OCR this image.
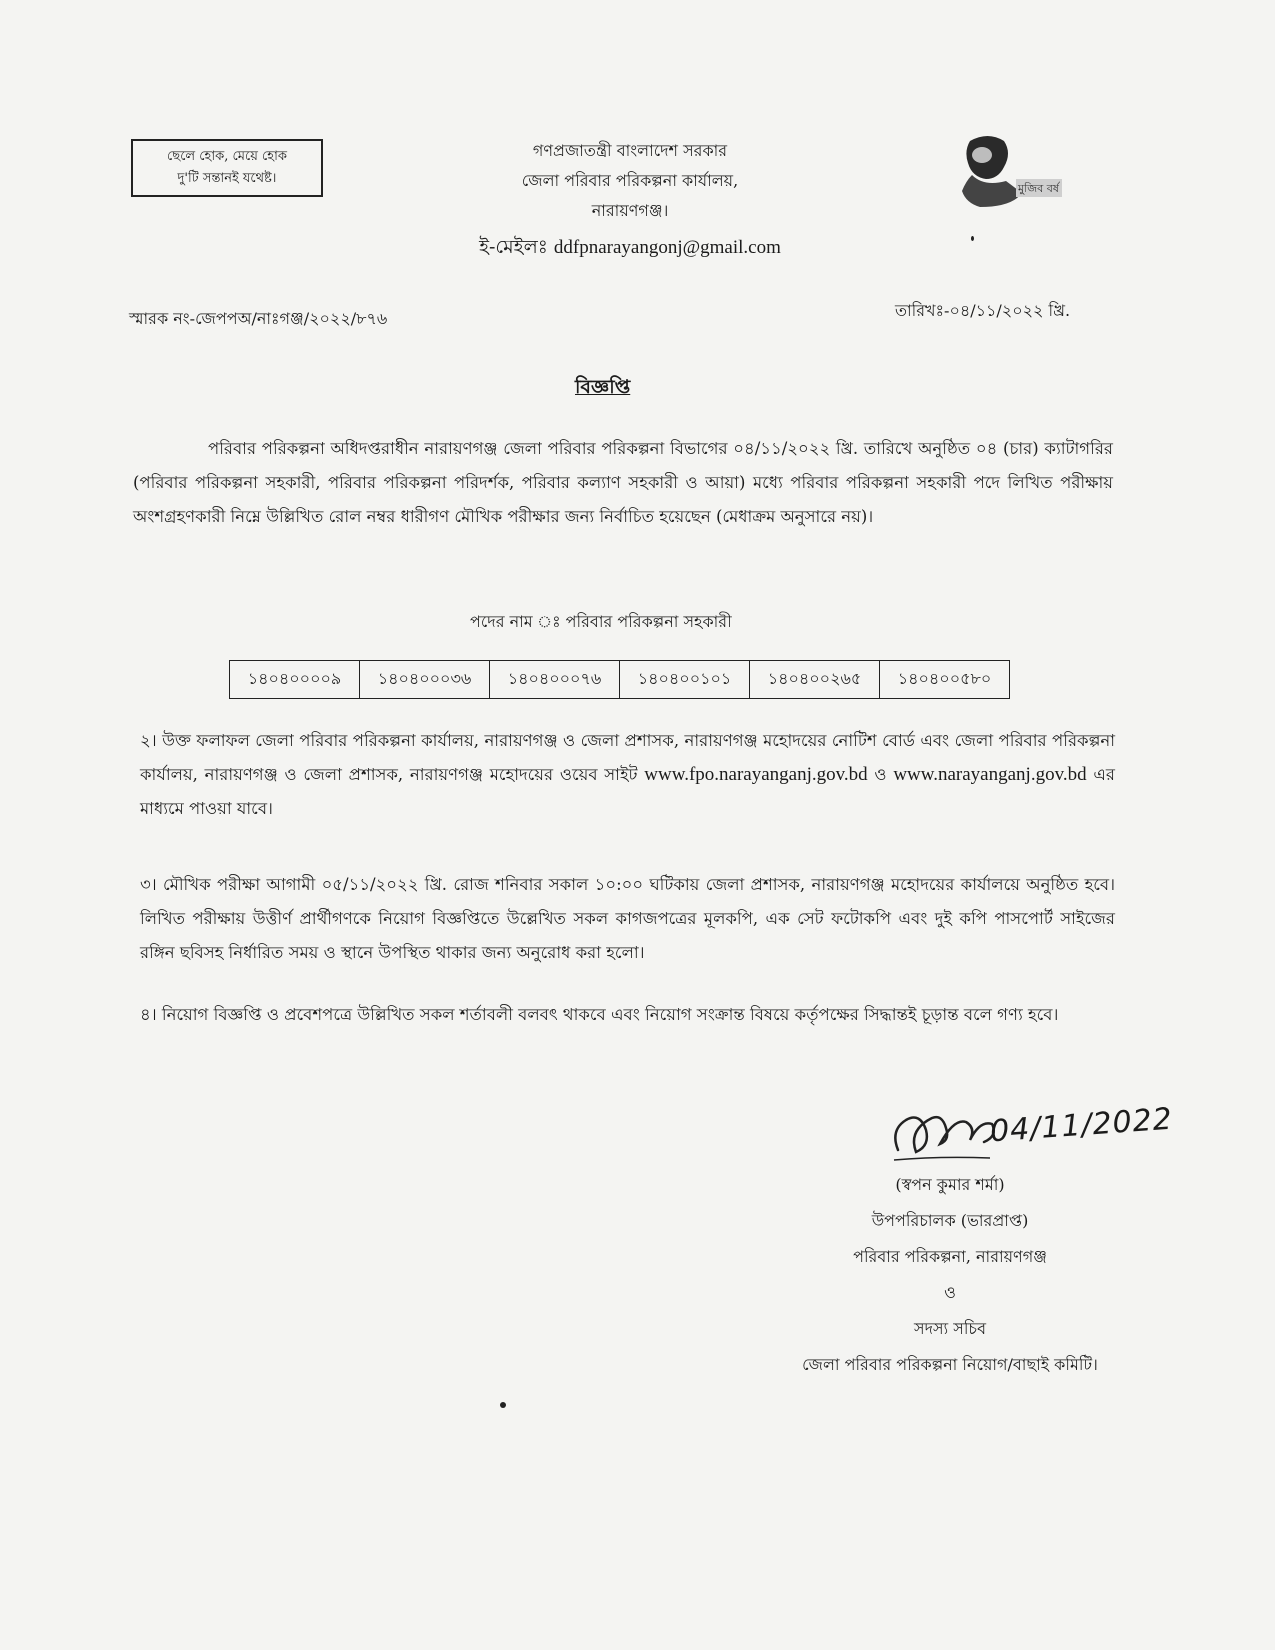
ছেলে হোক, মেয়ে হোক
দু'টি সন্তানই যথেষ্ট।
গণপ্রজাতন্ত্রী বাংলাদেশ সরকার
জেলা পরিবার পরিকল্পনা কার্যালয়,
নারায়ণগঞ্জ।
ই-মেইলঃ ddfpnarayangonj@gmail.com
মুজিব বর্ষ
স্মারক নং-জেপপঅ/নাঃগঞ্জ/২০২২/৮৭৬	তারিখঃ-০৪/১১/২০২২ খ্রি.
বিজ্ঞপ্তি
পরিবার পরিকল্পনা অধিদপ্তরাধীন নারায়ণগঞ্জ জেলা পরিবার পরিকল্পনা বিভাগের ০৪/১১/২০২২ খ্রি. তারিখে অনুষ্ঠিত ০৪ (চার) ক্যাটাগরির (পরিবার পরিকল্পনা সহকারী, পরিবার পরিকল্পনা পরিদর্শক, পরিবার কল্যাণ সহকারী ও আয়া) মধ্যে পরিবার পরিকল্পনা সহকারী পদে লিখিত পরীক্ষায় অংশগ্রহণকারী নিম্নে উল্লিখিত রোল নম্বর ধারীগণ মৌখিক পরীক্ষার জন্য নির্বাচিত হয়েছেন (মেধাক্রম অনুসারে নয়)।
পদের নাম ঃ পরিবার পরিকল্পনা সহকারী
১৪০৪০০০০৯	১৪০৪০০০৩৬	১৪০৪০০০৭৬	১৪০৪০০১০১	১৪০৪০০২৬৫	১৪০৪০০৫৮০
২। উক্ত ফলাফল জেলা পরিবার পরিকল্পনা কার্যালয়, নারায়ণগঞ্জ ও জেলা প্রশাসক, নারায়ণগঞ্জ মহোদয়ের নোটিশ বোর্ড এবং জেলা পরিবার পরিকল্পনা কার্যালয়, নারায়ণগঞ্জ ও জেলা প্রশাসক, নারায়ণগঞ্জ মহোদয়ের ওয়েব সাইট www.fpo.narayanganj.gov.bd ও www.narayanganj.gov.bd এর মাধ্যমে পাওয়া যাবে।
৩। মৌখিক পরীক্ষা আগামী ০৫/১১/২০২২ খ্রি. রোজ শনিবার সকাল ১০:০০ ঘটিকায় জেলা প্রশাসক, নারায়ণগঞ্জ মহোদয়ের কার্যালয়ে অনুষ্ঠিত হবে। লিখিত পরীক্ষায় উত্তীর্ণ প্রার্থীগণকে নিয়োগ বিজ্ঞপ্তিতে উল্লেখিত সকল কাগজপত্রের মূলকপি, এক সেট ফটোকপি এবং দুই কপি পাসপোর্ট সাইজের রঙ্গিন ছবিসহ নির্ধারিত সময় ও স্থানে উপস্থিত থাকার জন্য অনুরোধ করা হলো।
৪। নিয়োগ বিজ্ঞপ্তি ও প্রবেশপত্রে উল্লিখিত সকল শর্তাবলী বলবৎ থাকবে এবং নিয়োগ সংক্রান্ত বিষয়ে কর্তৃপক্ষের সিদ্ধান্তই চূড়ান্ত বলে গণ্য হবে।
04/11/2022
(স্বপন কুমার শর্মা)
উপপরিচালক (ভারপ্রাপ্ত)
পরিবার পরিকল্পনা, নারায়ণগঞ্জ
ও
সদস্য সচিব
জেলা পরিবার পরিকল্পনা নিয়োগ/বাছাই কমিটি।
